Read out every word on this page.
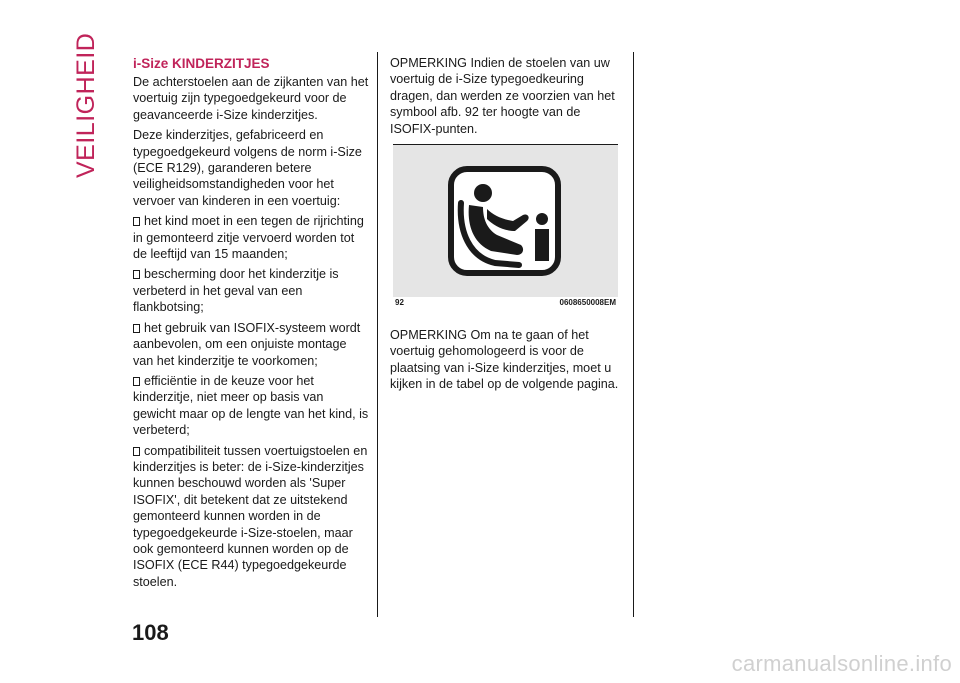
VEILIGHEID i-Size KINDERZITJES

De achterstoelen aan de zijkanten van het voertuig zijn typegoedgekeurd voor de geavanceerde i-Size kinderzitjes.

Deze kinderzitjes, gefabriceerd en typegoedgekeurd volgens de norm i-Size (ECE R129), garanderen betere veiligheidsomstandigheden voor het vervoer van kinderen in een voertuig:

het kind moet in een tegen de rijrichting in gemonteerd zitje vervoerd worden tot de leeftijd van 15 maanden;

bescherming door het kinderzitje is verbeterd in het geval van een flankbotsing;

het gebruik van ISOFIX-systeem wordt aanbevolen, om een onjuiste montage van het kinderzitje te voorkomen;

efficiëntie in de keuze voor het kinderzitje, niet meer op basis van gewicht maar op de lengte van het kind, is verbeterd;

compatibiliteit tussen voertuigstoelen en kinderzitjes is beter: de i-Size-kinderzitjes kunnen beschouwd worden als 'Super ISOFIX', dit betekent dat ze uitstekend gemonteerd kunnen worden in de typegoedgekeurde i-Size-stoelen, maar ook gemonteerd kunnen worden op de ISOFIX (ECE R44) typegoedgekeurde stoelen.

OPMERKING Indien de stoelen van uw voertuig de i-Size typegoedkeuring dragen, dan werden ze voorzien van het symbool afb. 92 ter hoogte van de ISOFIX-punten.

92	0608650008EM

OPMERKING Om na te gaan of het voertuig gehomologeerd is voor de plaatsing van i-Size kinderzitjes, moet u kijken in de tabel op de volgende pagina.

108
carmanualsonline.info
